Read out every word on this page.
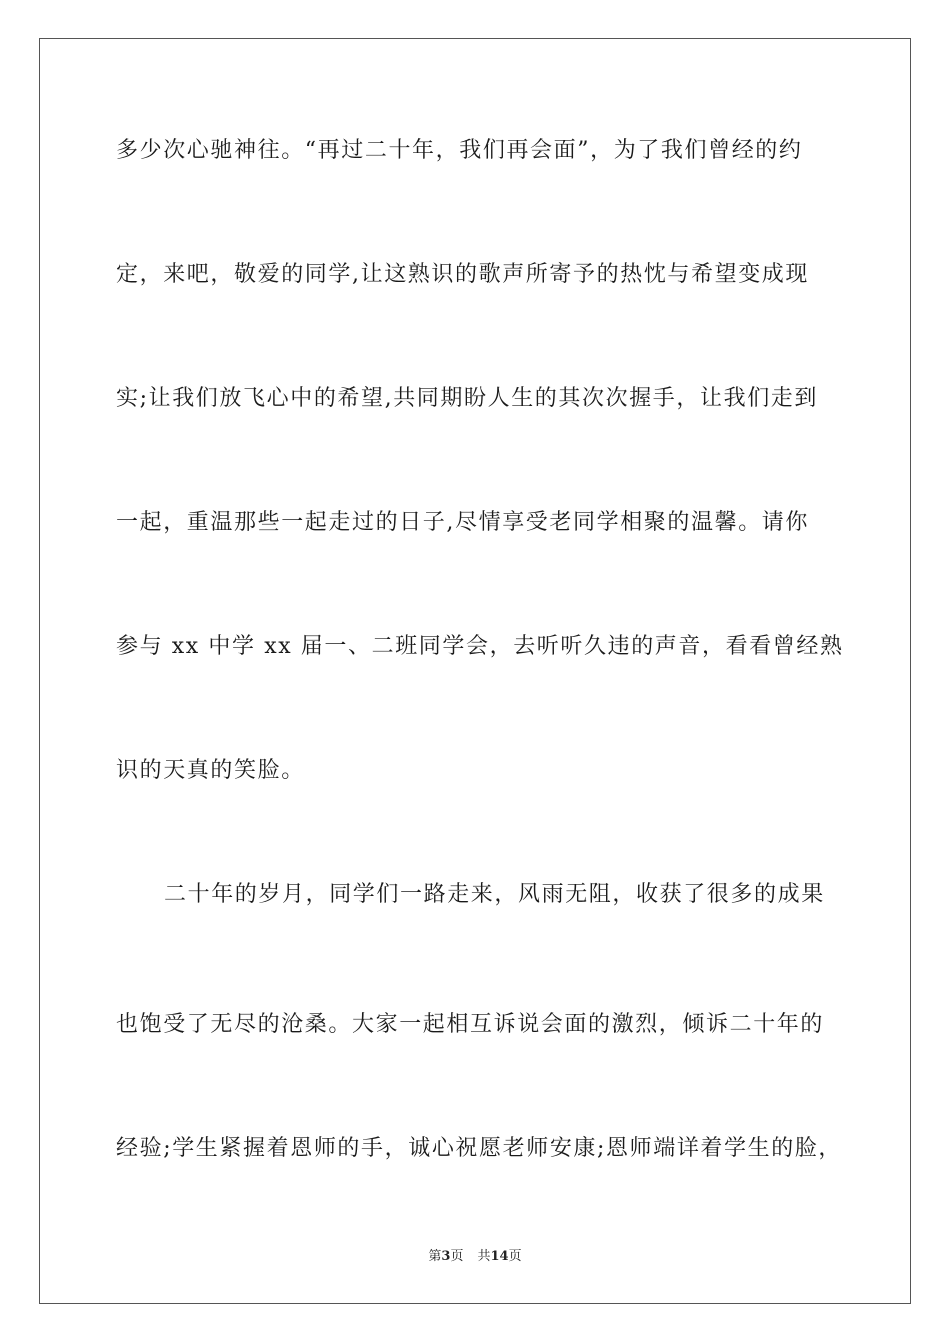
多少次心驰神往。“再过二十年，我们再会面”，为了我们曾经的约
定，来吧，敬爱的同学,让这熟识的歌声所寄予的热忱与希望变成现
实;让我们放飞心中的希望,共同期盼人生的其次次握手，让我们走到
一起，重温那些一起走过的日子,尽情享受老同学相聚的温馨。请你
参与 xx 中学 xx 届一、二班同学会，去听听久违的声音，看看曾经熟
识的天真的笑脸。
二十年的岁月，同学们一路走来，风雨无阻，收获了很多的成果
也饱受了无尽的沧桑。大家一起相互诉说会面的激烈，倾诉二十年的
经验;学生紧握着恩师的手，诚心祝愿老师安康;恩师端详着学生的脸，
第3页 共14页
